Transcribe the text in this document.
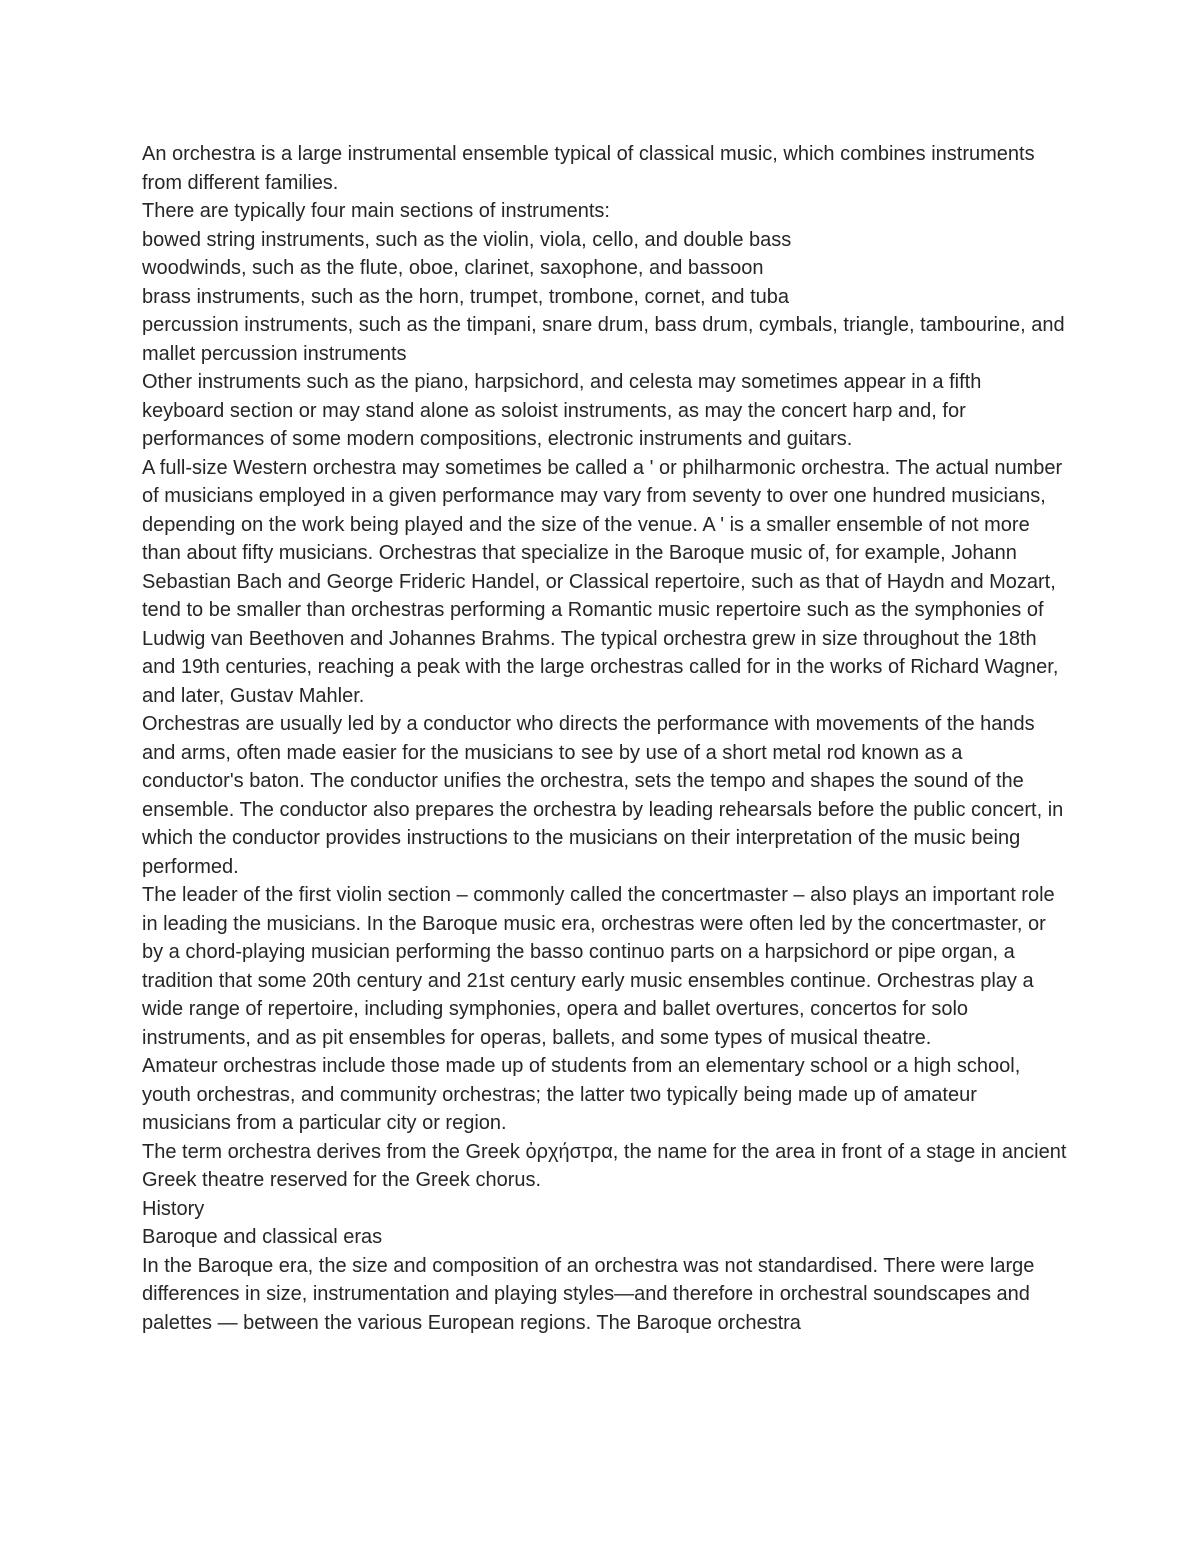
An orchestra is a large instrumental ensemble typical of classical music, which combines instruments from different families.

There are typically four main sections of instruments:

bowed string instruments, such as the violin, viola, cello, and double bass

woodwinds, such as the flute, oboe, clarinet, saxophone, and bassoon

brass instruments, such as the horn, trumpet, trombone, cornet, and tuba

percussion instruments, such as the timpani, snare drum, bass drum, cymbals, triangle, tambourine, and mallet percussion instruments

Other instruments such as the piano, harpsichord, and celesta may sometimes appear in a fifth keyboard section or may stand alone as soloist instruments, as may the concert harp and, for performances of some modern compositions, electronic instruments and guitars.

A full-size Western orchestra may sometimes be called a ' or philharmonic orchestra. The actual number of musicians employed in a given performance may vary from seventy to over one hundred musicians, depending on the work being played and the size of the venue. A ' is a smaller ensemble of not more than about fifty musicians. Orchestras that specialize in the Baroque music of, for example, Johann Sebastian Bach and George Frideric Handel, or Classical repertoire, such as that of Haydn and Mozart, tend to be smaller than orchestras performing a Romantic music repertoire such as the symphonies of Ludwig van Beethoven and Johannes Brahms. The typical orchestra grew in size throughout the 18th and 19th centuries, reaching a peak with the large orchestras called for in the works of Richard Wagner, and later, Gustav Mahler.

Orchestras are usually led by a conductor who directs the performance with movements of the hands and arms, often made easier for the musicians to see by use of a short metal rod known as a conductor's baton. The conductor unifies the orchestra, sets the tempo and shapes the sound of the ensemble. The conductor also prepares the orchestra by leading rehearsals before the public concert, in which the conductor provides instructions to the musicians on their interpretation of the music being performed.

The leader of the first violin section – commonly called the concertmaster – also plays an important role in leading the musicians. In the Baroque music era, orchestras were often led by the concertmaster, or by a chord-playing musician performing the basso continuo parts on a harpsichord or pipe organ, a tradition that some 20th century and 21st century early music ensembles continue. Orchestras play a wide range of repertoire, including symphonies, opera and ballet overtures, concertos for solo instruments, and as pit ensembles for operas, ballets, and some types of musical theatre.

Amateur orchestras include those made up of students from an elementary school or a high school, youth orchestras, and community orchestras; the latter two typically being made up of amateur musicians from a particular city or region.

The term orchestra derives from the Greek ὀρχήστρα, the name for the area in front of a stage in ancient Greek theatre reserved for the Greek chorus.

History

Baroque and classical eras

In the Baroque era, the size and composition of an orchestra was not standardised. There were large differences in size, instrumentation and playing styles—and therefore in orchestral soundscapes and palettes — between the various European regions. The Baroque orchestra
